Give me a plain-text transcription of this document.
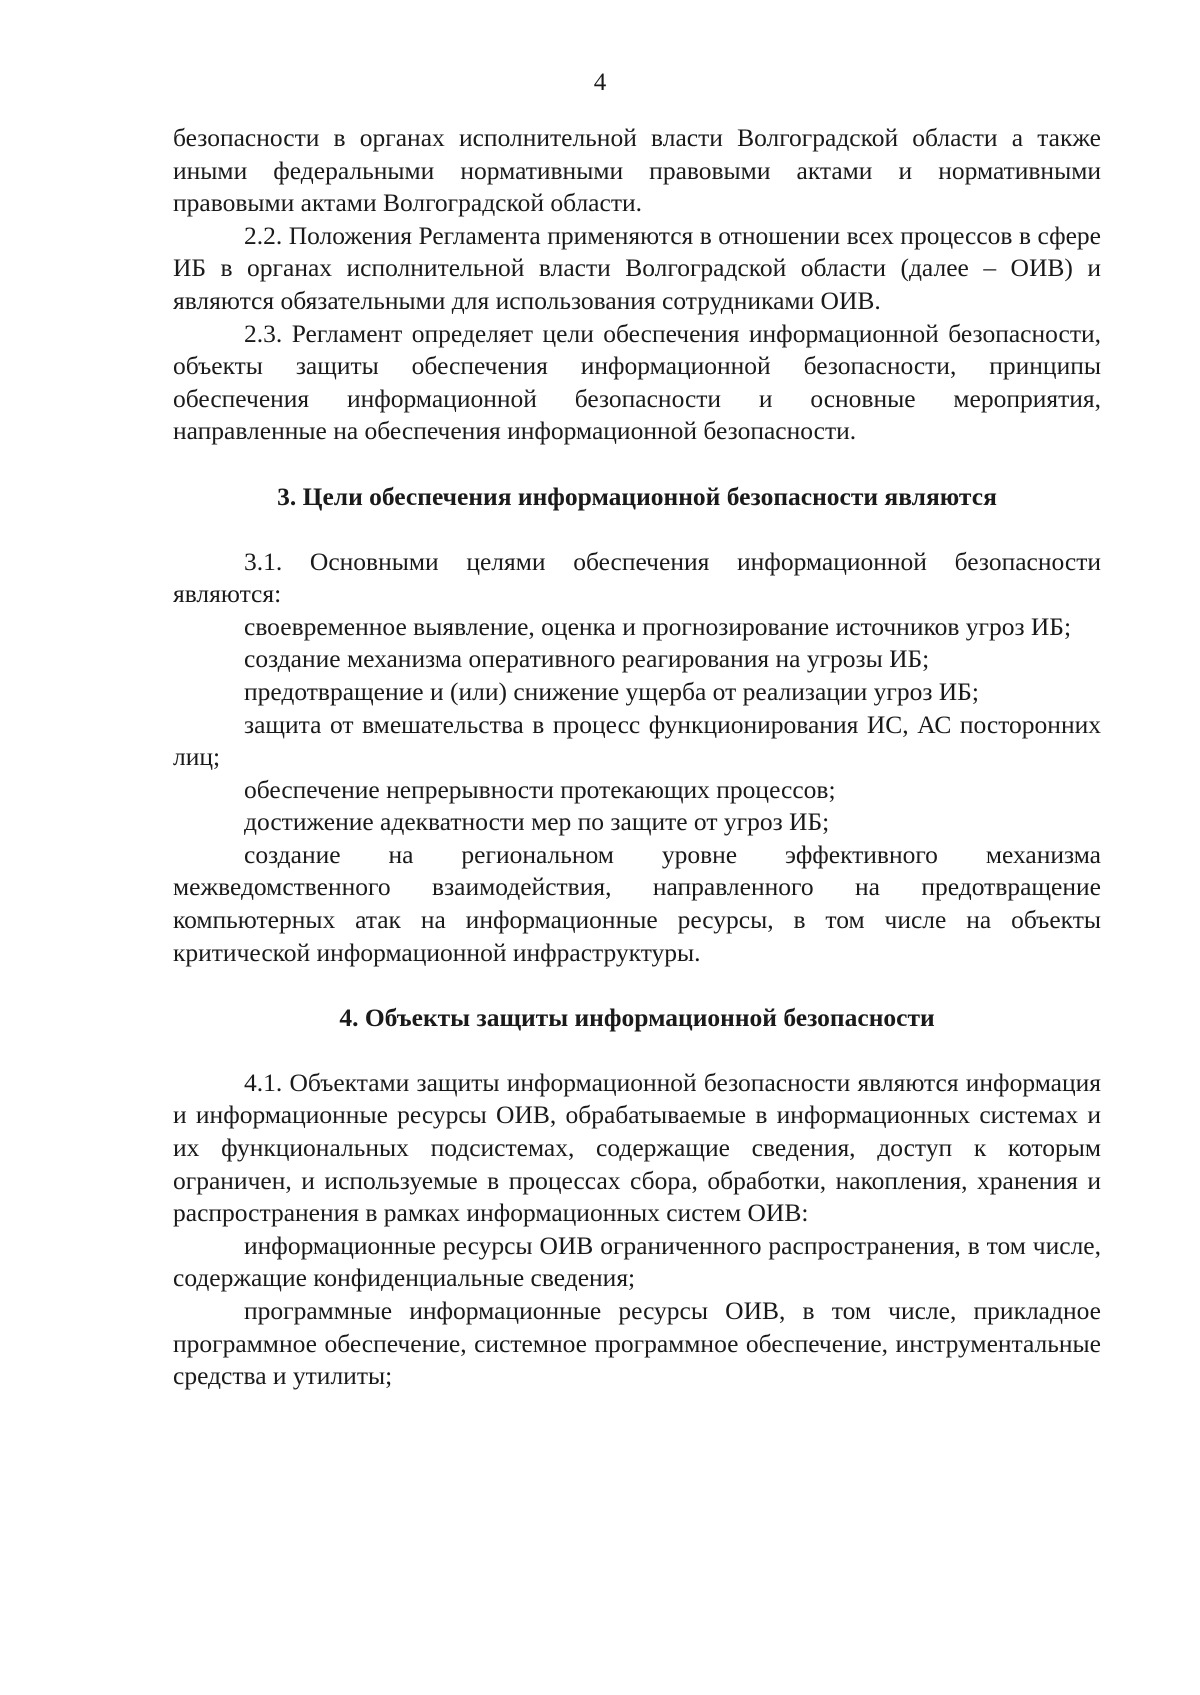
4

безопасности в органах исполнительной власти Волгоградской области а также иными федеральными нормативными правовыми актами и нормативными правовыми актами Волгоградской области.

2.2. Положения Регламента применяются в отношении всех процессов в сфере ИБ в органах исполнительной власти Волгоградской области (далее – ОИВ) и являются обязательными для использования сотрудниками ОИВ.

2.3. Регламент определяет цели обеспечения информационной безопасности, объекты защиты обеспечения информационной безопасности, принципы обеспечения информационной безопасности и основные мероприятия, направленные на обеспечения информационной безопасности.

3. Цели обеспечения информационной безопасности являются

3.1. Основными целями обеспечения информационной безопасности являются:

своевременное выявление, оценка и прогнозирование источников угроз ИБ;

создание механизма оперативного реагирования на угрозы ИБ;

предотвращение и (или) снижение ущерба от реализации угроз ИБ;

защита от вмешательства в процесс функционирования ИС, АС посторонних лиц;

обеспечение непрерывности протекающих процессов;

достижение адекватности мер по защите от угроз ИБ;

создание на региональном уровне эффективного механизма межведомственного взаимодействия, направленного на предотвращение компьютерных атак на информационные ресурсы, в том числе на объекты критической информационной инфраструктуры.

4. Объекты защиты информационной безопасности

4.1. Объектами защиты информационной безопасности являются информация и информационные ресурсы ОИВ, обрабатываемые в информационных системах и их функциональных подсистемах, содержащие сведения, доступ к которым ограничен, и используемые в процессах сбора, обработки, накопления, хранения и распространения в рамках информационных систем ОИВ:

информационные ресурсы ОИВ ограниченного распространения, в том числе, содержащие конфиденциальные сведения;

программные информационные ресурсы ОИВ, в том числе, прикладное программное обеспечение, системное программное обеспечение, инструментальные средства и утилиты;
